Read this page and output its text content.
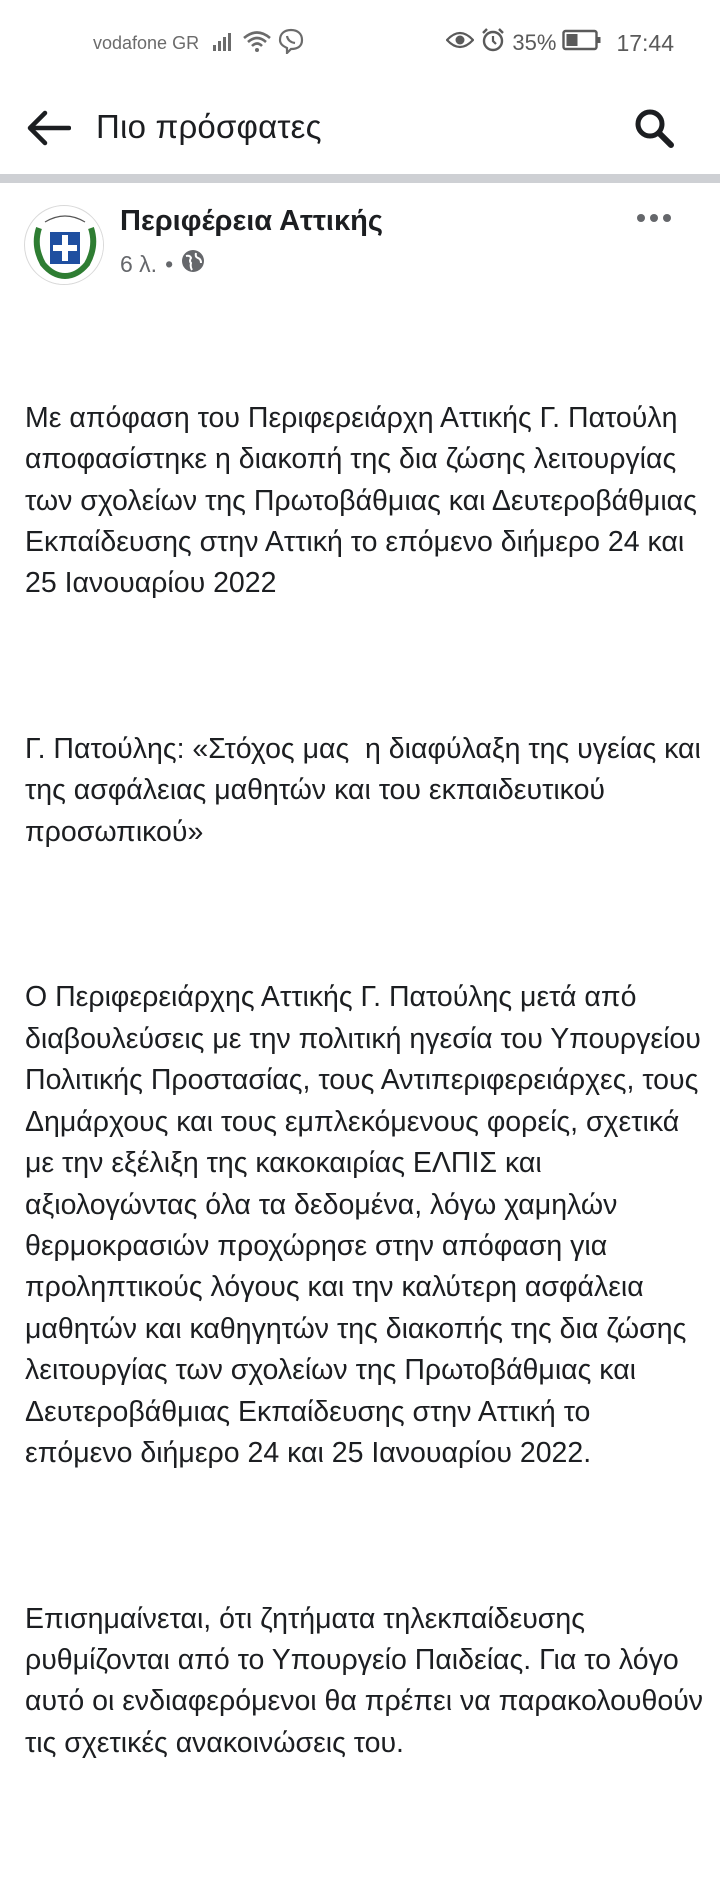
vodafone GR	35%	17:44
Πιο πρόσφατες
Περιφέρεια Αττικής
6 λ. •

Με απόφαση του Περιφερειάρχη Αττικής Γ. Πατούλη αποφασίστηκε η διακοπή της δια ζώσης λειτουργίας των σχολείων της Πρωτοβάθμιας και Δευτεροβάθμιας Εκπαίδευσης στην Αττική το επόμενο διήμερο 24 και 25 Ιανουαρίου 2022

Γ. Πατούλης: «Στόχος μας  η διαφύλαξη της υγείας και της ασφάλειας μαθητών και του εκπαιδευτικού προσωπικού»

Ο Περιφερειάρχης Αττικής Γ. Πατούλης μετά από διαβουλεύσεις με την πολιτική ηγεσία του Υπουργείου Πολιτικής Προστασίας, τους Αντιπεριφερειάρχες, τους  Δημάρχους και τους εμπλεκόμενους φορείς, σχετικά με την εξέλιξη της κακοκαιρίας ΕΛΠΙΣ και αξιολογώντας όλα τα δεδομένα, λόγω χαμηλών θερμοκρασιών προχώρησε στην απόφαση για προληπτικούς λόγους και την καλύτερη ασφάλεια μαθητών και καθηγητών της διακοπής της δια ζώσης λειτουργίας των σχολείων της Πρωτοβάθμιας και Δευτεροβάθμιας Εκπαίδευσης στην Αττική το επόμενο διήμερο 24 και 25 Ιανουαρίου 2022.

Επισημαίνεται, ότι ζητήματα τηλεκπαίδευσης ρυθμίζονται από το Υπουργείο Παιδείας. Για το λόγο αυτό οι ενδιαφερόμενοι θα πρέπει να παρακολουθούν τις σχετικές ανακοινώσεις του.
